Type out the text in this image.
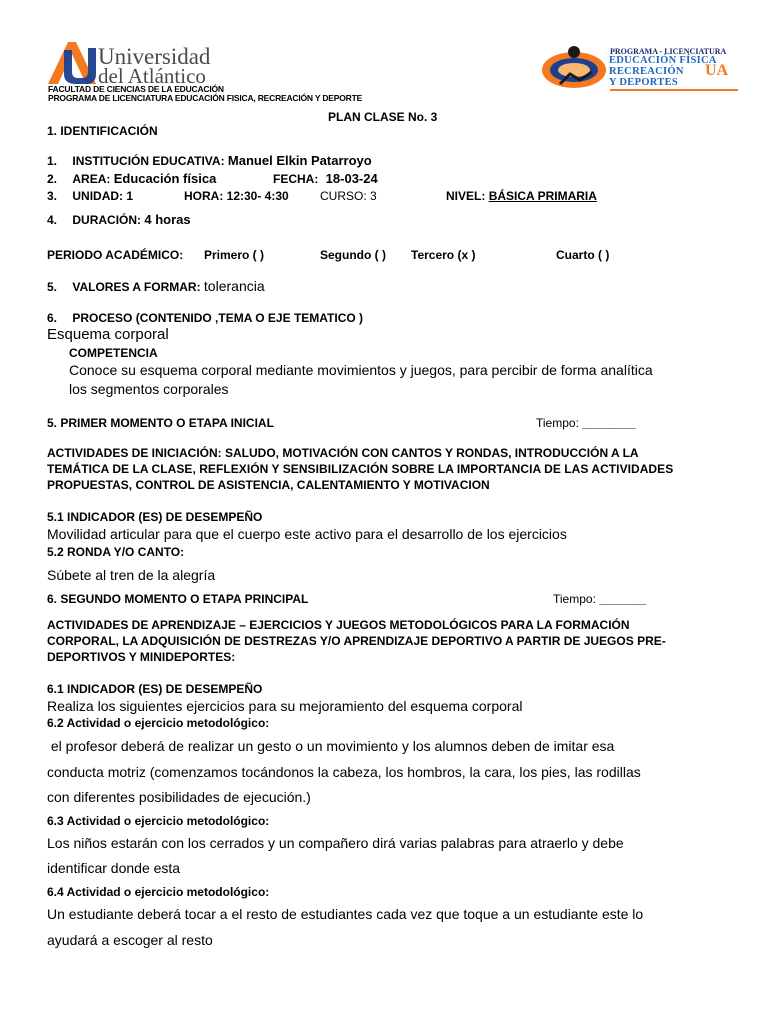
Universidad
del Atlántico
FACULTAD DE CIENCIAS DE LA EDUCACIÓN
PROGRAMA DE LICENCIATURA EDUCACIÓN FISICA, RECREACIÓN Y DEPORTE
PROGRAMA - LICENCIATURA
EDUCACIÓN FÍSICA
RECREACIÓN
Y DEPORTES
UA
PLAN CLASE No. 3
1. IDENTIFICACIÓN
1. INSTITUCIÓN EDUCATIVA: Manuel Elkin Patarroyo
2. AREA: Educación física	FECHA: 18-03-24
3. UNIDAD: 1	HORA: 12:30- 4:30	CURSO: 3	NIVEL: BÁSICA PRIMARIA
4. DURACIÓN: 4 horas
PERIODO ACADÉMICO: Primero ( )	Segundo ( ) Tercero (x )	Cuarto ( )
5. VALORES A FORMAR: tolerancia
6. PROCESO (CONTENIDO ,TEMA O EJE TEMATICO )
Esquema corporal
COMPETENCIA
Conoce su esquema corporal mediante movimientos y juegos, para percibir de forma analítica
los segmentos corporales
5. PRIMER MOMENTO O ETAPA INICIAL	Tiempo: ________
ACTIVIDADES DE INICIACIÓN: SALUDO, MOTIVACIÓN CON CANTOS Y RONDAS, INTRODUCCIÓN A LA
TEMÁTICA DE LA CLASE, REFLEXIÓN Y SENSIBILIZACIÓN SOBRE LA IMPORTANCIA DE LAS ACTIVIDADES
PROPUESTAS, CONTROL DE ASISTENCIA, CALENTAMIENTO Y MOTIVACION
5.1 INDICADOR (ES) DE DESEMPEÑO
Movilidad articular para que el cuerpo este activo para el desarrollo de los ejercicios
5.2 RONDA Y/O CANTO:
Súbete al tren de la alegría
6. SEGUNDO MOMENTO O ETAPA PRINCIPAL	Tiempo: _______
ACTIVIDADES DE APRENDIZAJE – EJERCICIOS Y JUEGOS METODOLÓGICOS PARA LA FORMACIÓN
CORPORAL, LA ADQUISICIÓN DE DESTREZAS Y/O APRENDIZAJE DEPORTIVO A PARTIR DE JUEGOS PRE-
DEPORTIVOS Y MINIDEPORTES:
6.1 INDICADOR (ES) DE DESEMPEÑO
Realiza los siguientes ejercicios para su mejoramiento del esquema corporal
6.2 Actividad o ejercicio metodológico:
el profesor deberá de realizar un gesto o un movimiento y los alumnos deben de imitar esa
conducta motriz (comenzamos tocándonos la cabeza, los hombros, la cara, los pies, las rodillas
con diferentes posibilidades de ejecución.)
6.3 Actividad o ejercicio metodológico:
Los niños estarán con los cerrados y un compañero dirá varias palabras para atraerlo y debe
identificar donde esta
6.4 Actividad o ejercicio metodológico:
Un estudiante deberá tocar a el resto de estudiantes cada vez que toque a un estudiante este lo
ayudará a escoger al resto
